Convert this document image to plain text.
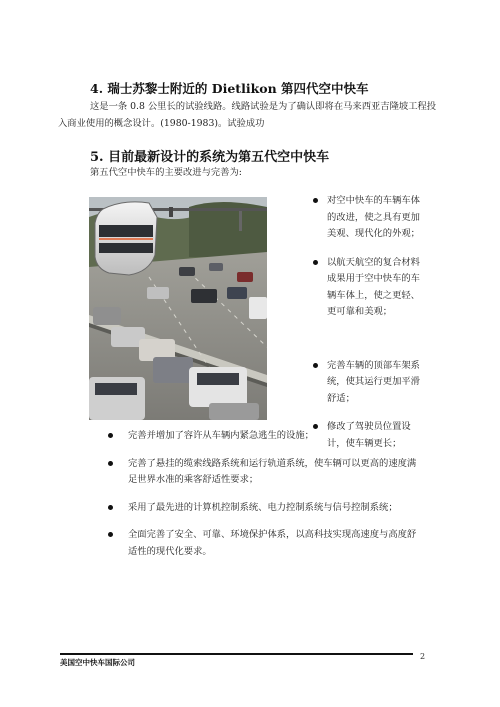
4. 瑞士苏黎士附近的 Dietlikon 第四代空中快车
这是一条 0.8 公里长的试验线路。线路试验是为了确认即将在马来西亚吉隆坡工程投入商业使用的概念设计。(1980-1983)。试验成功
5. 目前最新设计的系统为第五代空中快车
第五代空中快车的主要改进与完善为:
对空中快车的车辆车体的改进，使之具有更加美观、现代化的外观；
以航天航空的复合材料成果用于空中快车的车辆车体上，使之更轻、更可靠和美观；
完善车辆的顶部车架系统，使其运行更加平滑舒适；
修改了驾驶员位置设计，使车辆更长；
完善并增加了容许从车辆内紧急逃生的设施；
完善了悬挂的缆索线路系统和运行轨道系统，使车辆可以更高的速度满足世界水准的乘客舒适性要求；
采用了最先进的计算机控制系统、电力控制系统与信号控制系统；
全面完善了安全、可靠、环境保护体系，以高科技实现高速度与高度舒适性的现代化要求。
美国空中快车国际公司
2
